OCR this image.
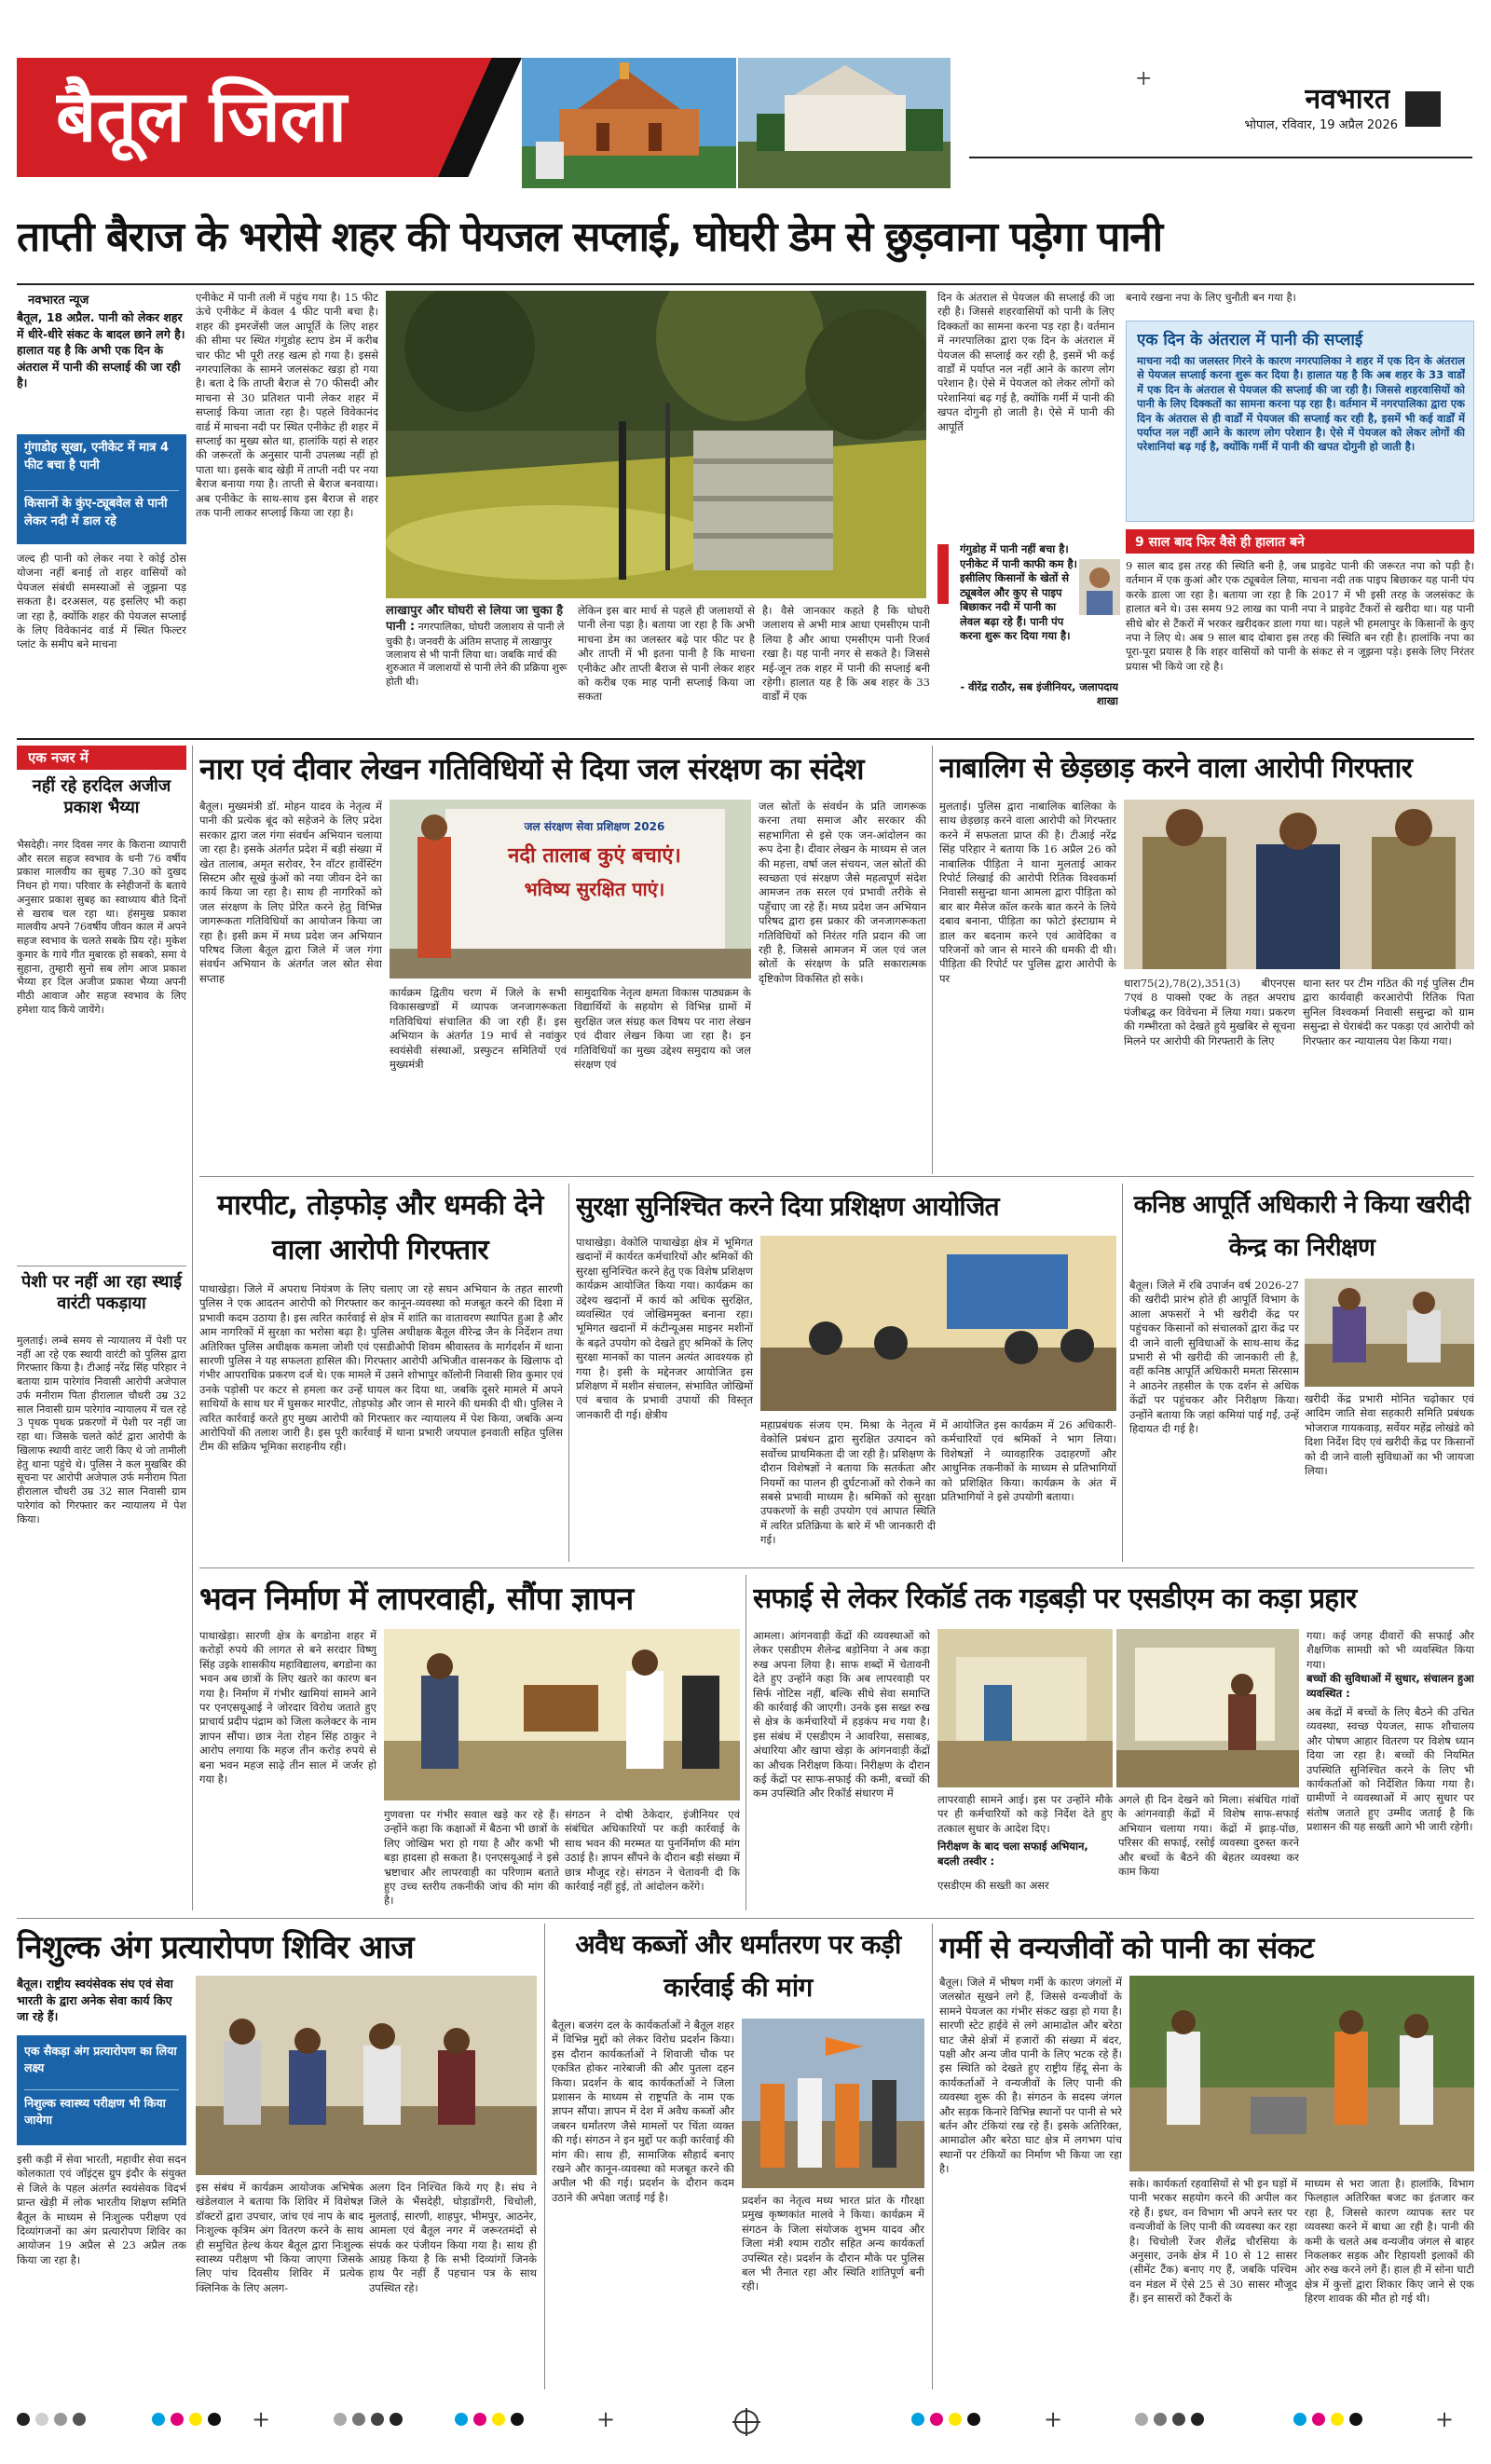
बैतूल जिला	+
नवभारत
भोपाल, रविवार, 19 अप्रैल 2026
ताप्ती बैराज के भरोसे शहर की पेयजल सप्लाई, घोघरी डेम से छुड़वाना पड़ेगा पानी
नवभारत न्यूज
बैतूल, 18 अप्रैल. पानी को लेकर शहर में धीरे-धीरे संकट के बादल छाने लगे है। हालात यह है कि अभी एक दिन के अंतराल में पानी की सप्लाई की जा रही है।
गुंगाडोह सूखा, एनीकेट में मात्र 4 फीट बचा है पानी
किसानों के कुंए-ट्यूबवेल से पानी लेकर नदी में डाल रहे
जल्द ही पानी को लेकर नया रे कोई ठोस योजना नहीं बनाई तो शहर वासियों को पेयजल संबंधी समस्याओं से जूझना पड़ सकता है। दरअसल, यह इसलिए भी कहा जा रहा है, क्योंकि शहर की पेयजल सप्लाई के लिए विवेकानंद वार्ड में स्थित फिल्टर प्लांट के समीप बने माचना
एनीकेट में पानी तली में पहुंच गया है। 15 फीट ऊंचे एनीकेट में केवल 4 फीट पानी बचा है। शहर की इमरजेंसी जल आपूर्ति के लिए शहर की सीमा पर स्थित गंगुडोह स्टाप डेम में करीब चार फीट भी पूरी तरह खत्म हो गया है। इससे नगरपालिका के सामने जलसंकट खड़ा हो गया है। बता दे कि ताप्ती बैराज से 70 फीसदी और माचना से 30 प्रतिशत पानी लेकर शहर में सप्लाई किया जाता रहा है। पहले विवेकानंद वार्ड में माचना नदी पर स्थित एनीकेट ही शहर में सप्लाई का मुख्य स्रोत था, हालांकि यहां से शहर की जरूरतों के अनुसार पानी उपलब्ध नहीं हो पाता था। इसके बाद खेड़ी में ताप्ती नदी पर नया बैराज बनाया गया है। ताप्ती से बैराज बनवाया। अब एनीकेट के साथ-साथ इस बैराज से शहर तक पानी लाकर सप्लाई किया जा रहा है।
लाखापुर और घोघरी से लिया जा चुका है पानी : नगरपालिका, घोघरी जलाशय से पानी ले चुकी है। जनवरी के अंतिम सप्ताह में लाखापुर जलाशय से भी पानी लिया था। जबकि मार्च की शुरुआत में जलाशयों से पानी लेने की प्रक्रिया शुरू होती थी।
लेकिन इस बार मार्च से पहले ही जलाशयों से पानी लेना पड़ा है। बताया जा रहा है कि अभी माचना डेम का जलस्तर बढ़े पार फीट पर है और ताप्ती में भी इतना पानी है कि माचना एनीकेट और ताप्ती बैराज से पानी लेकर शहर को करीब एक माह पानी सप्लाई किया जा सकता
है। वैसे जानकार कहते है कि घोघरी जलाशय से अभी मात्र आधा एमसीएम पानी लिया है और आधा एमसीएम पानी रिजर्व रखा है। यह पानी नगर से सकते है। जिससे मई-जून तक शहर में पानी की सप्लाई बनी रहेगी। हालात यह है कि अब शहर के 33 वार्डों में एक
दिन के अंतराल से पेयजल की सप्लाई की जा रही है। जिससे शहरवासियों को पानी के लिए दिक्कतों का सामना करना पड़ रहा है। वर्तमान में नगरपालिका द्वारा एक दिन के अंतराल में पेयजल की सप्लाई कर रही है, इसमें भी कई वार्डों में पर्याप्त नल नहीं आने के कारण लोग परेशान है। ऐसे में पेयजल को लेकर लोगों को परेशानियां बढ़ गई है, क्योंकि गर्मी में पानी की खपत दोगुनी हो जाती है। ऐसे में पानी की आपूर्ति
गंगुडोह में पानी नहीं बचा है। एनीकेट में पानी काफी कम है। इसीलिए किसानों के खेतों से ट्यूबवेल और कुए से पाइप बिछाकर नदी में पानी का लेवल बढ़ा रहे हैं। पानी पंप करना शुरू कर दिया गया है।
- वीरेंद्र राठौर, सब इंजीनियर, जलापदाय शाखा
बनाये रखना नपा के लिए चुनौती बन गया है।
एक दिन के अंतराल में पानी की सप्लाई
माचना नदी का जलस्तर गिरने के कारण नगरपालिका ने शहर में एक दिन के अंतराल से पेयजल सप्लाई करना शुरू कर दिया है। हालात यह है कि अब शहर के 33 वार्डों में एक दिन के अंतराल से पेयजल की सप्लाई की जा रही है। जिससे शहरवासियों को पानी के लिए दिक्कतों का सामना करना पड़ रहा है। वर्तमान में नगरपालिका द्वारा एक दिन के अंतराल से ही वार्डों में पेयजल की सप्लाई कर रही है, इसमें भी कई वार्डों में पर्याप्त नल नहीं आने के कारण लोग परेशान है। ऐसे में पेयजल को लेकर लोगों की परेशानियां बढ़ गई है, क्योंकि गर्मी में पानी की खपत दोगुनी हो जाती है।
9 साल बाद फिर वैसे ही हालात बने
9 साल बाद इस तरह की स्थिति बनी है, जब प्राइवेट पानी की जरूरत नपा को पड़ी है। वर्तमान में एक कुआं और एक ट्यूबवेल लिया, माचना नदी तक पाइप बिछाकर यह पानी पंप करके डाला जा रहा है। बताया जा रहा है कि 2017 में भी इसी तरह के जलसंकट के हालात बने थे। उस समय 92 लाख का पानी नपा ने प्राइवेट टैंकरों से खरीदा था। यह पानी सीधे बोर से टैंकरों में भरकर खरीदकर डाला गया था। पहले भी हमलापुर के किसानों के कुए नपा ने लिए थे। अब 9 साल बाद दोबारा इस तरह की स्थिति बन रही है। हालांकि नपा का पूरा-पूरा प्रयास है कि शहर वासियों को पानी के संकट से न जूझना पड़े। इसके लिए निरंतर प्रयास भी किये जा रहे है।
एक नजर में
नहीं रहे हरदिल अजीज प्रकाश भैय्या
भैसदेही। नगर दिवस नगर के किराना व्यापारी और सरल सहज स्वभाव के धनी 76 वर्षीय प्रकाश मालवीय का सुबह 7.30 को दुखद निधन हो गया। परिवार के स्नेहीजनों के बताये अनुसार प्रकाश सुबह का स्वाध्याय बीते दिनों से खराब चल रहा था। हंसमुख प्रकाश मालवीय अपने 76वर्षीय जीवन काल में अपने सहज स्वभाव के चलते सबके प्रिय रहे। मुकेश कुमार के गाये गीत मुबारक हो सबको, समा ये सुहाना, तुम्हारी सुनो सब लोग आज प्रकाश भैय्या हर दिल अजीज प्रकाश भैय्या अपनी मीठी आवाज और सहज स्वभाव के लिए हमेशा याद किये जायेंगे।
पेशी पर नहीं आ रहा स्थाई वारंटी पकड़ाया
मुलताई। लम्बे समय से न्यायालय में पेशी पर नहीं आ रहे एक स्थायी वारंटी को पुलिस द्वारा गिरफ्तार किया है। टीआई नरेंद्र सिंह परिहार ने बताया ग्राम पारेगांव निवासी आरोपी अजेपाल उर्फ मनीराम पिता हीरालाल चौधरी उम्र 32 साल निवासी ग्राम पारेगांव न्यायालय में चल रहे 3 पृथक पृथक प्रकरणों में पेशी पर नहीं जा रहा था। जिसके चलते कोर्ट द्वारा आरोपी के खिलाफ स्थायी वारंट जारी किए थे जो तामीली हेतु थाना पहुंचे थे। पुलिस ने कल मुखबिर की सूचना पर आरोपी अजेपाल उर्फ मनीराम पिता हीरालाल चौधरी उम्र 32 साल निवासी ग्राम पारेगांव को गिरफ्तार कर न्यायालय में पेश किया।
नारा एवं दीवार लेखन गतिविधियों से दिया जल संरक्षण का संदेश
बैतूल। मुख्यमंत्री डॉ. मोहन यादव के नेतृत्व में पानी की प्रत्येक बूंद को सहेजने के लिए प्रदेश सरकार द्वारा जल गंगा संवर्धन अभियान चलाया जा रहा है। इसके अंतर्गत प्रदेश में बड़ी संख्या में खेत तालाब, अमृत सरोवर, रैन वॉटर हार्वेस्टिंग सिस्टम और सूखे कुंओं को नया जीवन देने का कार्य किया जा रहा है। साथ ही नागरिकों को जल संरक्षण के लिए प्रेरित करने हेतु विभिन्न जागरूकता गतिविधियों का आयोजन किया जा रहा है। इसी क्रम में मध्य प्रदेश जन अभियान परिषद जिला बैतूल द्वारा जिले में जल गंगा संवर्धन अभियान के अंतर्गत जल स्रोत सेवा सप्ताह
जल संरक्षण सेवा प्रशिक्षण 2026
नदी तालाब कुएं बचाएं।
भविष्य सुरक्षित पाएं।
कार्यक्रम द्वितीय चरण में जिले के सभी विकासखण्डों में व्यापक जनजागरूकता गतिविधियां संचालित की जा रही हैं। इस अभियान के अंतर्गत 19 मार्च से नवांकुर स्वयंसेवी संस्थाओं, प्रस्फुटन समितियों एवं मुख्यमंत्री
सामुदायिक नेतृत्व क्षमता विकास पाठ्यक्रम के विद्यार्थियों के सहयोग से विभिन्न ग्रामों में सुरक्षित जल संग्रह कल विषय पर नारा लेखन एवं दीवार लेखन किया जा रहा है। इन गतिविधियों का मुख्य उद्देश्य समुदाय को जल संरक्षण एवं
जल स्रोतों के संवर्धन के प्रति जागरूक करना तथा समाज और सरकार की सहभागिता से इसे एक जन-आंदोलन का रूप देना है। दीवार लेखन के माध्यम से जल की महत्ता, वर्षा जल संचयन, जल स्रोतों की स्वच्छता एवं संरक्षण जैसे महत्वपूर्ण संदेश आमजन तक सरल एवं प्रभावी तरीके से पहुँचाए जा रहे हैं। मध्य प्रदेश जन अभियान परिषद द्वारा इस प्रकार की जनजागरूकता गतिविधियों को निरंतर गति प्रदान की जा रही है, जिससे आमजन में जल एवं जल स्रोतों के संरक्षण के प्रति सकारात्मक दृष्टिकोण विकसित हो सके।
नाबालिग से छेड़छाड़ करने वाला आरोपी गिरफ्तार
मुलताई। पुलिस द्वारा नाबालिक बालिका के साथ छेड़छाड़ करने वाला आरोपी को गिरफ्तार करने में सफलता प्राप्त की है। टीआई नरेंद्र सिंह परिहार ने बताया कि 16 अप्रैल 26 को नाबालिक पीड़िता ने थाना मुलताई आकर रिपोर्ट लिखाई की आरोपी रितिक विश्वकर्मा निवासी ससुन्द्रा थाना आमला द्वारा पीड़िता को बार बार मैसेज कॉल करके बात करने के लिये दबाव बनाना, पीड़िता का फोटो इंस्टाग्राम मे डाल कर बदनाम करने एवं आवेदिका व परिजनों को जान से मारने की धमकी दी थी। पीड़िता की रिपोर्ट पर पुलिस द्वारा आरोपी के पर	धारा75(2),78(2),351(3) बीएनएस 7एवं 8 पाक्सो एक्ट के तहत अपराध पंजीबद्ध कर विवेचना में लिया गया। प्रकरण की गम्भीरता को देखते हुये मुखबिर से सूचना मिलने पर आरोपी की गिरफ्तारी के लिए
थाना स्तर पर टीम गठित की गई पुलिस टीम द्वारा कार्यवाही करआरोपी रितिक पिता सुनिल विश्वकर्मा निवासी ससुन्द्रा को ग्राम ससुन्द्रा से घेराबंदी कर पकड़ा एवं आरोपी को गिरफ्तार कर न्यायालय पेश किया गया।
मारपीट, तोड़फोड़ और धमकी देने वाला आरोपी गिरफ्तार
पाथाखेड़ा। जिले में अपराध नियंत्रण के लिए चलाए जा रहे सघन अभियान के तहत सारणी पुलिस ने एक आदतन आरोपी को गिरफ्तार कर कानून-व्यवस्था को मजबूत करने की दिशा में प्रभावी कदम उठाया है। इस त्वरित कार्रवाई से क्षेत्र में शांति का वातावरण स्थापित हुआ है और आम नागरिकों में सुरक्षा का भरोसा बढ़ा है। पुलिस अधीक्षक बैतूल वीरेन्द्र जैन के निर्देशन तथा अतिरिक्त पुलिस अधीक्षक कमला जोशी एवं एसडीओपी शिवम श्रीवास्तव के मार्गदर्शन में थाना सारणी पुलिस ने यह सफलता हासिल की। गिरफ्तार आरोपी अभिजीत वासनकर के खिलाफ दो गंभीर आपराधिक प्रकरण दर्ज थे। एक मामले में उसने शोभापुर कॉलोनी निवासी शिव कुमार एवं उनके पड़ोसी पर कटर से हमला कर उन्हें घायल कर दिया था, जबकि दूसरे मामले में अपने साथियों के साथ घर में घुसकर मारपीट, तोड़फोड़ और जान से मारने की धमकी दी थी। पुलिस ने त्वरित कार्रवाई करते हुए मुख्य आरोपी को गिरफ्तार कर न्यायालय में पेश किया, जबकि अन्य आरोपियों की तलाश जारी है। इस पूरी कार्रवाई में थाना प्रभारी जयपाल इनवाती सहित पुलिस टीम की सक्रिय भूमिका सराहनीय रही।
सुरक्षा सुनिश्चित करने दिया प्रशिक्षण आयोजित
पाथाखेड़ा। वेकोलि पाथाखेड़ा क्षेत्र में भूमिगत खदानों में कार्यरत कर्मचारियों और श्रमिकों की सुरक्षा सुनिश्चित करने हेतु एक विशेष प्रशिक्षण कार्यक्रम आयोजित किया गया। कार्यक्रम का उद्देश्य खदानों में कार्य को अधिक सुरक्षित, व्यवस्थित एवं जोखिममुक्त बनाना रहा। भूमिगत खदानों में कंटीन्यूअस माइनर मशीनों के बढ़ते उपयोग को देखते हुए श्रमिकों के लिए सुरक्षा मानकों का पालन अत्यंत आवश्यक हो गया है। इसी के मद्देनजर आयोजित इस प्रशिक्षण में मशीन संचालन, संभावित जोखिमों एवं बचाव के प्रभावी उपायों की विस्तृत जानकारी दी गई। क्षेत्रीय
महाप्रबंधक संजय एम. मिश्रा के नेतृत्व में वेकोलि प्रबंधन द्वारा सुरक्षित उत्पादन को सर्वोच्च प्राथमिकता दी जा रही है। प्रशिक्षण के दौरान विशेषज्ञों ने बताया कि सतर्कता और नियमों का पालन ही दुर्घटनाओं को रोकने का सबसे प्रभावी माध्यम है। श्रमिकों को सुरक्षा उपकरणों के सही उपयोग एवं आपात स्थिति में त्वरित प्रतिक्रिया के बारे में भी जानकारी दी गई।
में आयोजित इस कार्यक्रम में 26 अधिकारी-कर्मचारियों एवं श्रमिकों ने भाग लिया। विशेषज्ञों ने व्यावहारिक उदाहरणों और आधुनिक तकनीकों के माध्यम से प्रतिभागियों को प्रशिक्षित किया। कार्यक्रम के अंत में प्रतिभागियों ने इसे उपयोगी बताया।
कनिष्ठ आपूर्ति अधिकारी ने किया खरीदी केन्द्र का निरीक्षण
बैतूल। जिले में रबि उपार्जन वर्ष 2026-27 की खरीदी प्रारंभ होते ही आपूर्ति विभाग के आला अफसरों ने भी खरीदी केंद्र पर पहुंचकर किसानों को संचालकों द्वारा केंद्र पर दी जाने वाली सुविधाओं के साथ-साथ केंद्र प्रभारी से भी खरीदी की जानकारी ली है, वहीं कनिष्ठ आपूर्ति अधिकारी ममता सिरसाम ने आठनेर तहसील के एक दर्शन से अधिक केंद्रों पर पहुंचकर और निरीक्षण किया। उन्होंने बताया कि जहां कमियां पाई गईं, उन्हें हिदायत दी गई है।
खरीदी केंद्र प्रभारी मोनित चढ़ोकार एवं आदिम जाति सेवा सहकारी समिति प्रबंधक भोजराज गायकवाड़, सर्वेयर महेंद्र लोखंडे को दिशा निर्देश दिए एवं खरीदी केंद्र पर किसानों को दी जाने वाली सुविधाओं का भी जायजा लिया।
भवन निर्माण में लापरवाही, सौंपा ज्ञापन
पाथाखेड़ा। सारणी क्षेत्र के बगडोना शहर में करोड़ों रुपये की लागत से बने सरदार विष्णु सिंह उइके शासकीय महाविद्यालय, बगडोना का भवन अब छात्रों के लिए खतरे का कारण बन गया है। निर्माण में गंभीर खामियां सामने आने पर एनएसयूआई ने जोरदार विरोध जताते हुए प्राचार्य प्रदीप पंद्राम को जिला कलेक्टर के नाम ज्ञापन सौंपा। छात्र नेता रोहन सिंह ठाकुर ने आरोप लगाया कि महज तीन करोड़ रुपये से बना भवन महज साढ़े तीन साल में जर्जर हो गया है।
गुणवत्ता पर गंभीर सवाल खड़े कर रहे हैं। उन्होंने कहा कि कक्षाओं में बैठना भी छात्रों के लिए जोखिम भरा हो गया है और कभी भी बड़ा हादसा हो सकता है। एनएसयूआई ने इसे भ्रष्टाचार और लापरवाही का परिणाम बताते हुए उच्च स्तरीय तकनीकी जांच की मांग की है।
संगठन ने दोषी ठेकेदार, इंजीनियर एवं संबंधित अधिकारियों पर कड़ी कार्रवाई के साथ भवन की मरम्मत या पुनर्निर्माण की मांग उठाई है। ज्ञापन सौंपने के दौरान बड़ी संख्या में छात्र मौजूद रहे। संगठन ने चेतावनी दी कि कार्रवाई नहीं हुई, तो आंदोलन करेंगे।
सफाई से लेकर रिकॉर्ड तक गड़बड़ी पर एसडीएम का कड़ा प्रहार
आमला। आंगनवाड़ी केंद्रों की व्यवस्थाओं को लेकर एसडीएम शैलेन्द्र बड़ोनिया ने अब कड़ा रुख अपना लिया है। साफ शब्दों में चेतावनी देते हुए उन्होंने कहा कि अब लापरवाही पर सिर्फ नोटिस नहीं, बल्कि सीधे सेवा समाप्ति की कार्रवाई की जाएगी। उनके इस सख्त रुख से क्षेत्र के कर्मचारियों में हड़कंप मच गया है। इस संबंध में एसडीएम ने आवरिया, ससाबड़, अंधारिया और खापा खेड़ा के आंगनवाड़ी केंद्रों का औचक निरीक्षण किया। निरीक्षण के दौरान कई केंद्रों पर साफ-सफाई की कमी, बच्चों की कम उपस्थिति और रिकॉर्ड संधारण में	लापरवाही सामने आई। इस पर उन्होंने मौके पर ही कर्मचारियों को कड़े निर्देश देते हुए तत्काल सुधार के आदेश दिए।
निरीक्षण के बाद चला सफाई अभियान, बदली तस्वीर :
एसडीएम की सख्ती का असर
अगले ही दिन देखने को मिला। संबंधित गांवों के आंगनवाड़ी केंद्रों में विशेष साफ-सफाई अभियान चलाया गया। केंद्रों में झाड़-पोंछ, परिसर की सफाई, रसोई व्यवस्था दुरुस्त करने और बच्चों के बैठने की बेहतर व्यवस्था कर काम किया
गया। कई जगह दीवारों की सफाई और शैक्षणिक सामग्री को भी व्यवस्थित किया गया।
बच्चों की सुविधाओं में सुधार, संचालन हुआ व्यवस्थित :
अब केंद्रों में बच्चों के लिए बैठने की उचित व्यवस्था, स्वच्छ पेयजल, साफ शौचालय और पोषण आहार वितरण पर विशेष ध्यान दिया जा रहा है। बच्चों की नियमित उपस्थिति सुनिश्चित करने के लिए भी कार्यकर्ताओं को निर्देशित किया गया है। ग्रामीणों ने व्यवस्थाओं में आए सुधार पर संतोष जताते हुए उम्मीद जताई है कि प्रशासन की यह सख्ती आगे भी जारी रहेगी।
निशुल्क अंग प्रत्यारोपण शिविर आज
बैतूल। राष्ट्रीय स्वयंसेवक संघ एवं सेवा भारती के द्वारा अनेक सेवा कार्य किए जा रहे हैं।
एक सैकड़ा अंग प्रत्यारोपण का लिया लक्ष्य
निशुल्क स्वास्थ्य परीक्षण भी किया जायेगा
इसी कड़ी में सेवा भारती, महावीर सेवा सदन कोलकाता एवं जॉइंट्स ग्रुप इंदौर के संयुक्त से जिले के पहल अंतर्गत स्वयंसेवक विदर्भ प्रान्त खेड़ी में लोक भारतीय शिक्षण समिति बैतूल के माध्यम से निःशुल्क परीक्षण एवं दिव्यांगजनों का अंग प्रत्यारोपण शिविर का आयोजन 19 अप्रैल से 23 अप्रैल तक किया जा रहा है।
इस संबंध में कार्यक्रम आयोजक अभिषेक खंडेलवाल ने बताया कि शिविर में विशेषज्ञ डॉक्टरों द्वारा उपचार, जांच एवं नाप के बाद निःशुल्क कृत्रिम अंग वितरण करने के साथ ही समुचित हेल्थ केयर बैतूल द्वारा निःशुल्क स्वास्थ्य परीक्षण भी किया जाएगा जिसके लिए पांच दिवसीय शिविर में प्रत्येक क्लिनिक के लिए अलग-
अलग दिन निश्चित किये गए है। संघ ने जिले के भैंसदेही, घोड़ाडोंगरी, चिचोली, मुलताई, सारणी, शाहपुर, भीमपुर, आठनेर, आमला एवं बैतूल नगर में जरूरतमंदों से संपर्क कर पंजीयन किया गया है। साथ ही आग्रह किया है कि सभी दिव्यांगों जिनके हाथ पैर नहीं हैं पहचान पत्र के साथ उपस्थित रहे।
अवैध कब्जों और धर्मांतरण पर कड़ी कार्रवाई की मांग
बैतूल। बजरंग दल के कार्यकर्ताओं ने बैतूल शहर में विभिन्न मुद्दों को लेकर विरोध प्रदर्शन किया। इस दौरान कार्यकर्ताओं ने शिवाजी चौक पर एकत्रित होकर नारेबाजी की और पुतला दहन किया। प्रदर्शन के बाद कार्यकर्ताओं ने जिला प्रशासन के माध्यम से राष्ट्रपति के नाम एक ज्ञापन सौंपा। ज्ञापन में देश में अवैध कब्जों और जबरन धर्मांतरण जैसे मामलों पर चिंता व्यक्त की गई। संगठन ने इन मुद्दों पर कड़ी कार्रवाई की मांग की। साथ ही, सामाजिक सौहार्द बनाए रखने और कानून-व्यवस्था को मजबूत करने की अपील भी की गई। प्रदर्शन के दौरान कदम उठाने की अपेक्षा जताई गई है।	प्रदर्शन का नेतृत्व मध्य भारत प्रांत के गौरक्षा प्रमुख कृष्णकांत मालवे ने किया। कार्यक्रम में संगठन के जिला संयोजक शुभम यादव और जिला मंत्री श्याम राठौर सहित अन्य कार्यकर्ता उपस्थित रहे। प्रदर्शन के दौरान मौके पर पुलिस बल भी तैनात रहा और स्थिति शांतिपूर्ण बनी रही।
गर्मी से वन्यजीवों को पानी का संकट
बैतूल। जिले में भीषण गर्मी के कारण जंगलों में जलस्रोत सूखने लगे हैं, जिससे वन्यजीवों के सामने पेयजल का गंभीर संकट खड़ा हो गया है। सारणी स्टेट हाईवे से लगे आमाढोल और बरेठा घाट जैसे क्षेत्रों में हजारों की संख्या में बंदर, पक्षी और अन्य जीव पानी के लिए भटक रहे हैं। इस स्थिति को देखते हुए राष्ट्रीय हिंदू सेना के कार्यकर्ताओं ने वन्यजीवों के लिए पानी की व्यवस्था शुरू की है। संगठन के सदस्य जंगल और सड़क किनारे विभिन्न स्थानों पर पानी से भरे बर्तन और टंकियां रख रहे हैं। इसके अतिरिक्त, आमाढोल और बरेठा घाट क्षेत्र में लगभग पांच स्थानों पर टंकियों का निर्माण भी किया जा रहा है।
सके। कार्यकर्ता रहवासियों से भी इन घड़ों में पानी भरकर सहयोग करने की अपील कर रहे हैं। इधर, वन विभाग भी अपने स्तर पर वन्यजीवों के लिए पानी की व्यवस्था कर रहा है। चिचोली रेंजर शैलेंद्र चौरसिया के अनुसार, उनके क्षेत्र में 10 से 12 सासर (सीमेंट टैंक) बनाए गए हैं, जबकि पश्चिम वन मंडल में ऐसे 25 से 30 सासर मौजूद हैं। इन सासरों को टैंकरों के
माध्यम से भरा जाता है। हालांकि, विभाग फिलहाल अतिरिक्त बजट का इंतजार कर रहा है, जिससे कारण व्यापक स्तर पर व्यवस्था करने में बाधा आ रही है। पानी की कमी के चलते अब वन्यजीव जंगल से बाहर निकलकर सड़क और रिहायशी इलाकों की ओर रुख करने लगे हैं। हाल ही में सोना घाटी क्षेत्र में कुत्तों द्वारा शिकार किए जाने से एक हिरण शावक की मौत हो गई थी।
+	+	+	+
